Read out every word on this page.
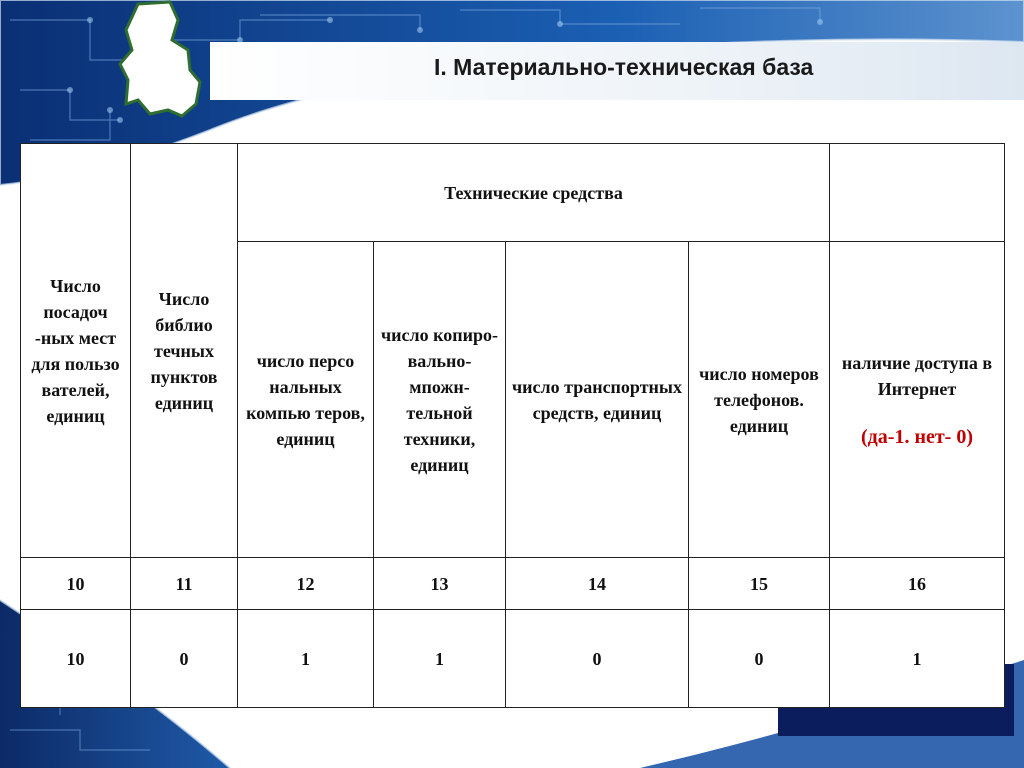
I. Материально-техническая база
Число посадоч -ных мест для пользо вателей, единиц	Число библио течных пунктов единиц	Технические средства				
		число персо нальных компью теров, единиц	число копиро-вально-мпожн-тельной техники, единиц	число транспортных средств, единиц	число номеров телефонов. единиц	наличие доступа в Интернет
(да-1. нет- 0)

10	11	12	13	14	15	16
10	0	1	1	0	0	1
